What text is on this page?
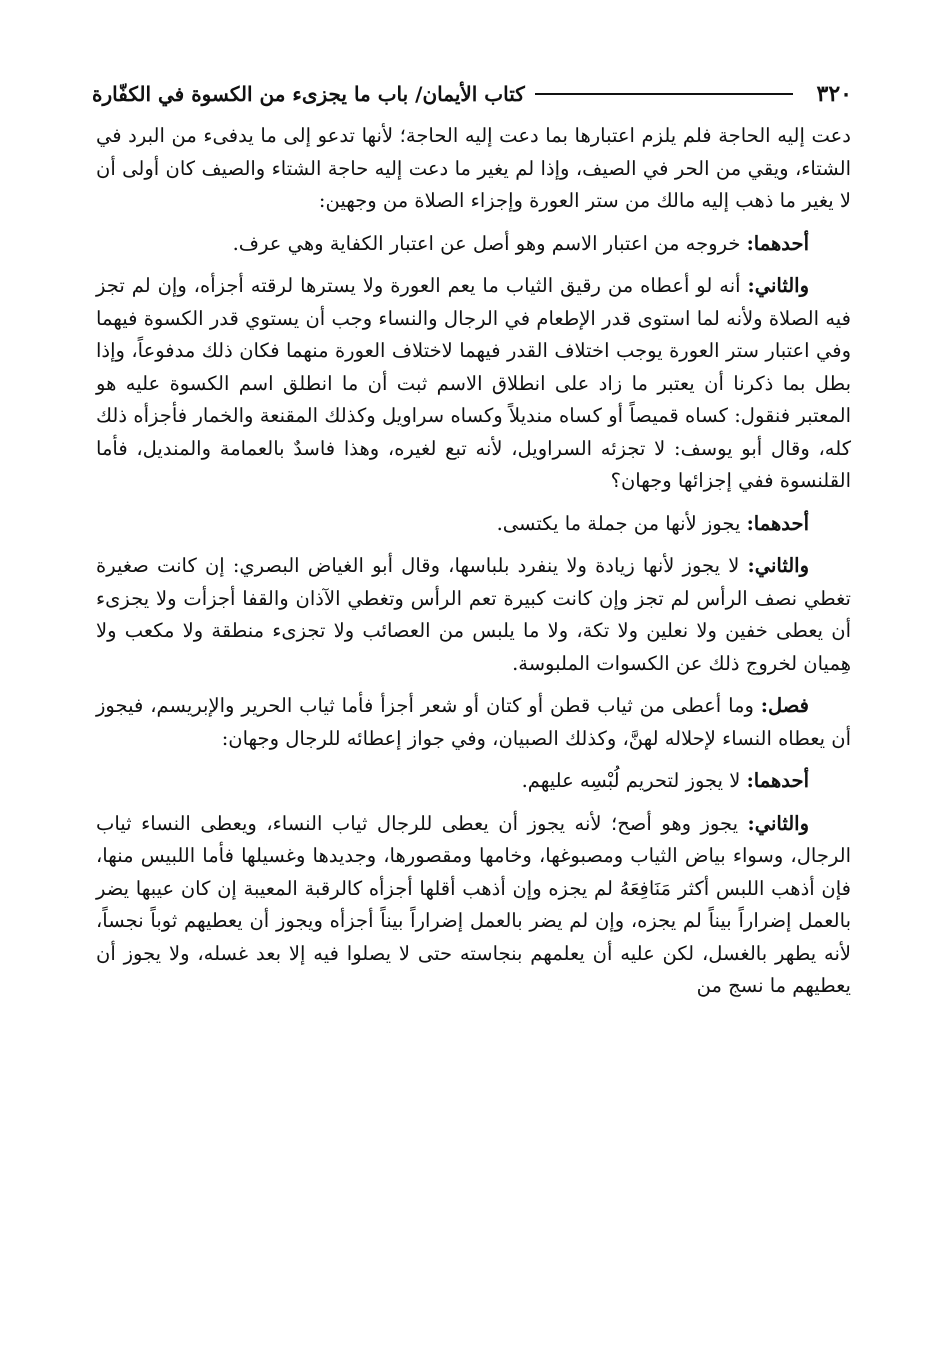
٣٢٠
كتاب الأيمان/ باب ما يجزىء من الكسوة في الكفّارة

دعت إليه الحاجة فلم يلزم اعتبارها بما دعت إليه الحاجة؛ لأنها تدعو إلى ما يدفىء من البرد في الشتاء، ويقي من الحر في الصيف، وإذا لم يغير ما دعت إليه حاجة الشتاء والصيف كان أولى أن لا يغير ما ذهب إليه مالك من ستر العورة وإجزاء الصلاة من وجهين:

أحدهما: خروجه من اعتبار الاسم وهو أصل عن اعتبار الكفاية وهي عرف.

والثاني: أنه لو أعطاه من رقيق الثياب ما يعم العورة ولا يسترها لرقته أجزأه، وإن لم تجز فيه الصلاة ولأنه لما استوى قدر الإطعام في الرجال والنساء وجب أن يستوي قدر الكسوة فيهما وفي اعتبار ستر العورة يوجب اختلاف القدر فيهما لاختلاف العورة منهما فكان ذلك مدفوعاً، وإذا بطل بما ذكرنا أن يعتبر ما زاد على انطلاق الاسم ثبت أن ما انطلق اسم الكسوة عليه هو المعتبر فنقول: كساه قميصاً أو كساه منديلاً وكساه سراويل وكذلك المقنعة والخمار فأجزأه ذلك كله، وقال أبو يوسف: لا تجزئه السراويل، لأنه تبع لغيره، وهذا فاسدٌ بالعمامة والمنديل، فأما القلنسوة ففي إجزائها وجهان؟

أحدهما: يجوز لأنها من جملة ما يكتسى.

والثاني: لا يجوز لأنها زيادة ولا ينفرد بلباسها، وقال أبو الغياض البصري: إن كانت صغيرة تغطي نصف الرأس لم تجز وإن كانت كبيرة تعم الرأس وتغطي الآذان والقفا أجزأت ولا يجزىء أن يعطى خفين ولا نعلين ولا تكة، ولا ما يلبس من العصائب ولا تجزىء منطقة ولا مكعب ولا هِميان لخروج ذلك عن الكسوات الملبوسة.

فصل: وما أعطى من ثياب قطن أو كتان أو شعر أجزأ فأما ثياب الحرير والإبريسم، فيجوز أن يعطاه النساء لإحلاله لهنَّ، وكذلك الصبيان، وفي جواز إعطائه للرجال وجهان:

أحدهما: لا يجوز لتحريم لُبْسِه عليهم.

والثاني: يجوز وهو أصح؛ لأنه يجوز أن يعطى للرجال ثياب النساء، ويعطى النساء ثياب الرجال، وسواء بياض الثياب ومصبوغها، وخامها ومقصورها، وجديدها وغسيلها فأما اللبيس منها، فإن أذهب اللبس أكثر مَنَافِعَهُ لم يجزه وإن أذهب أقلها أجزأه كالرقبة المعيبة إن كان عيبها يضر بالعمل إضراراً بيناً لم يجزه، وإن لم يضر بالعمل إضراراً بيناً أجزأه ويجوز أن يعطيهم ثوباً نجساً، لأنه يطهر بالغسل، لكن عليه أن يعلمهم بنجاسته حتى لا يصلوا فيه إلا بعد غسله، ولا يجوز أن يعطيهم ما نسج من
